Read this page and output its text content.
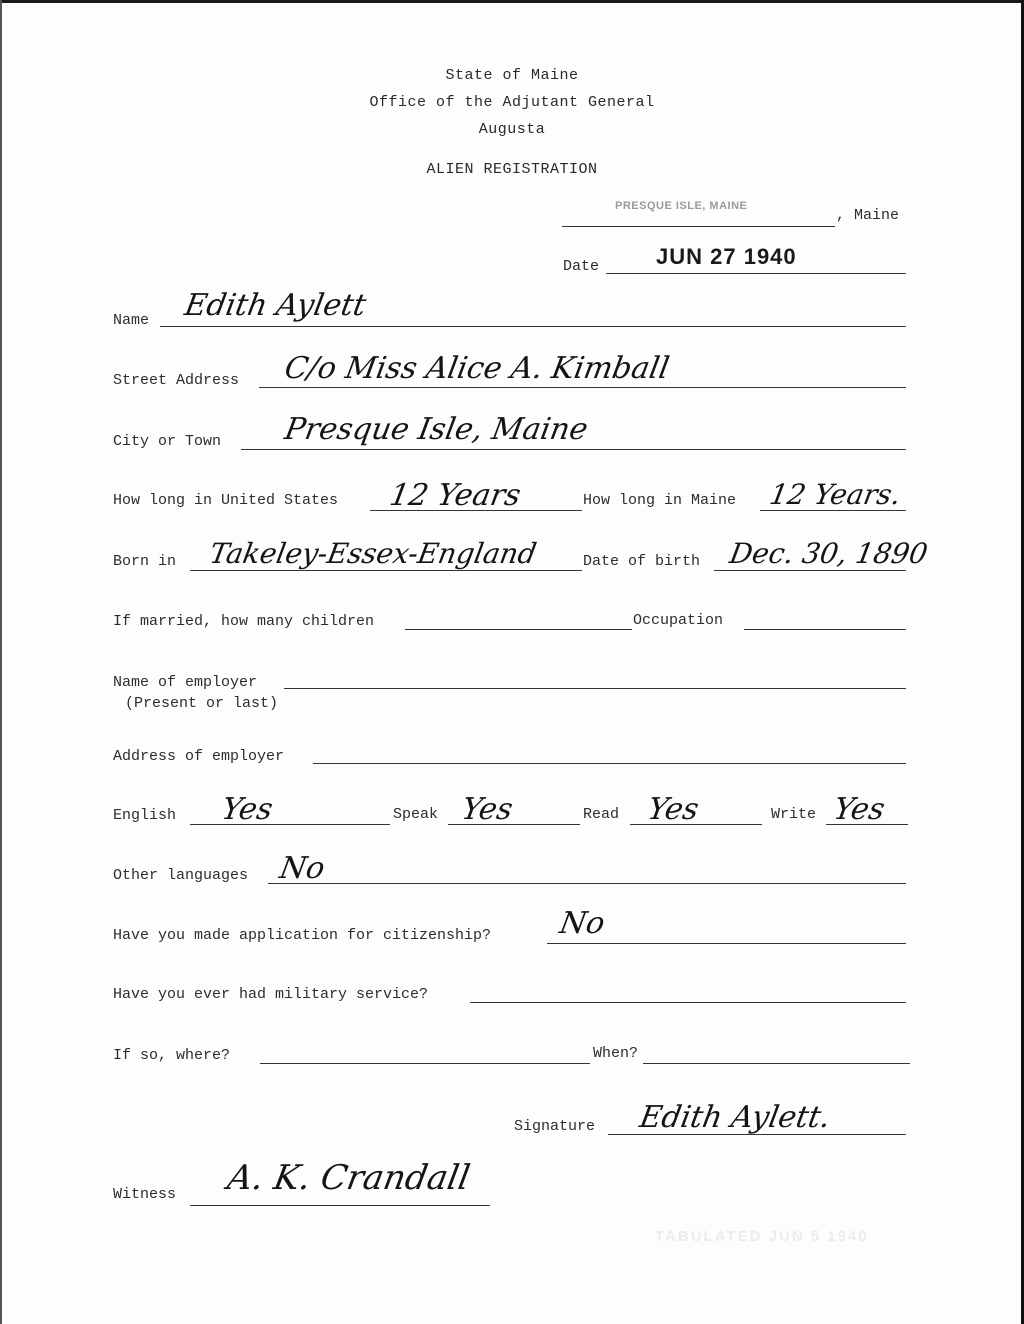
State of Maine
Office of the Adjutant General
Augusta
ALIEN REGISTRATION
PRESQUE ISLE, MAINE
, Maine
Date	JUN 27 1940
Name Edith Aylett
Street Address C/o Miss Alice A. Kimball
City or Town Presque Isle, Maine
How long in United States 12 Years	How long in Maine 12 Years.
Born in Takeley-Essex-England	Date of birth Dec. 30, 1890
If married, how many children	Occupation
Name of employer
(Present or last)
Address of employer
English Yes	Speak Yes	Read Yes	Write Yes
Other languages No
Have you made application for citizenship? No
Have you ever had military service?
If so, where?	When?
Signature Edith Aylett.
Witness A. K. Crandall
TABULATED JUN 5 1940
